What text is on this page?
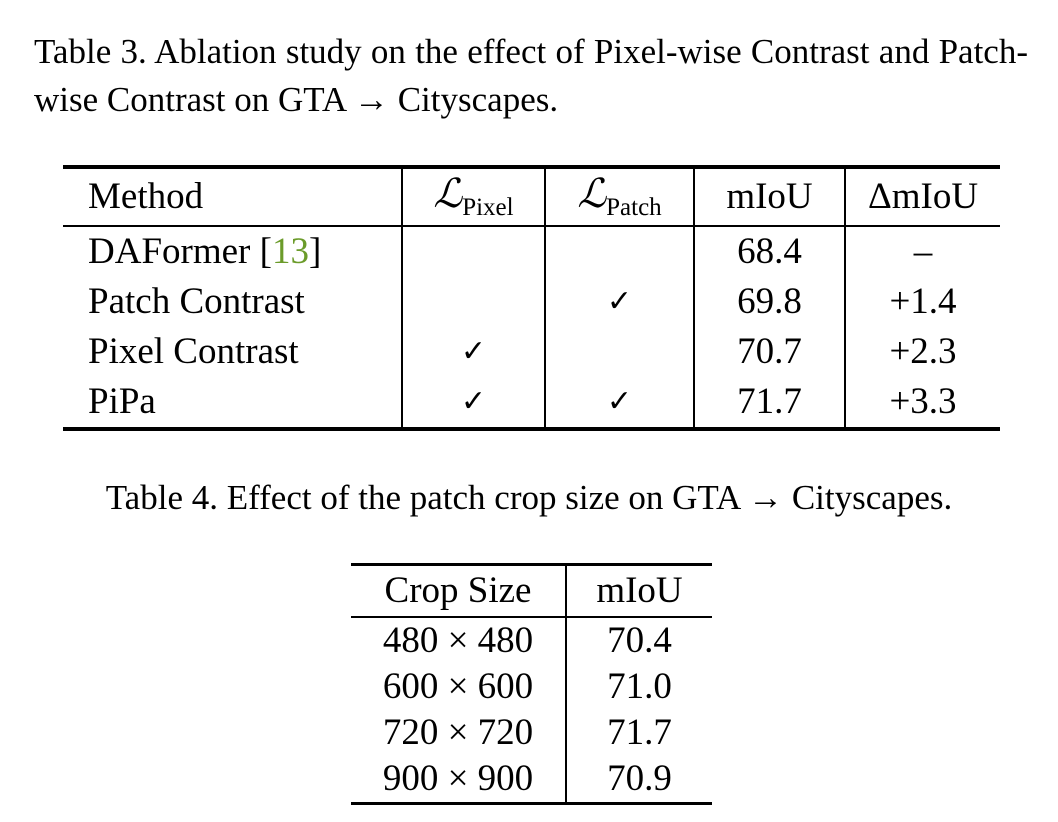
Table 3. Ablation study on the effect of Pixel-wise Contrast and Patch-wise Contrast on GTA → Cityscapes.
Method	ℒ$_{Pixel}$	ℒ$_{Patch}$	mIoU	ΔmIoU
DAFormer [13]			68.4	–
Patch Contrast		✓	69.8	+1.4
Pixel Contrast	✓		70.7	+2.3
PiPa	✓	✓	71.7	+3.3
Table 4. Effect of the patch crop size on GTA → Cityscapes.
Crop Size	mIoU
480 × 480	70.4
600 × 600	71.0
720 × 720	71.7
900 × 900	70.9
